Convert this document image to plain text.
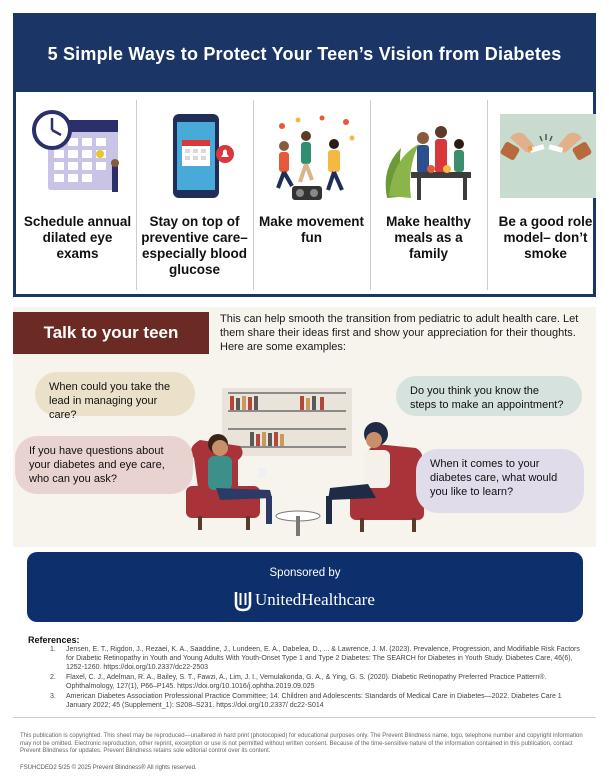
5 Simple Ways to Protect Your Teen’s Vision from Diabetes
Schedule annual dilated eye exams
Stay on top of preventive care– especially blood glucose
Make movement fun
Make healthy meals as a family
Be a good role model– don’t smoke
Talk to your teen
This can help smooth the transition from pediatric to adult health care. Let them share their ideas first and show your appreciation for their thoughts. Here are some examples:
When could you take the lead in managing your care?
Do you think you know the steps to make an appointment?
If you have questions about your diabetes and eye care, who can you ask?
When it comes to your diabetes care, what would you like to learn?
Sponsored by
UnitedHealthcare
References:
1. Jensen, E. T., Rigdon, J., Rezaei, K. A., Saaddine, J., Lundeen, E. A., Dabelea, D., ... & Lawrence, J. M. (2023). Prevalence, Progression, and Modifiable Risk Factors for Diabetic Retinopathy in Youth and Young Adults With Youth-Onset Type 1 and Type 2 Diabetes: The SEARCH for Diabetes in Youth Study. Diabetes Care, 46(6), 1252-1260. https://doi.org/10.2337/dc22-2503
2. Flaxel, C. J., Adelman, R. A., Bailey, S. T., Fawzi, A., Lim, J. I., Vemulakonda, G. A., & Ying, G. S. (2020). Diabetic Retinopathy Preferred Practice Pattern®. Ophthalmology, 127(1), P66–P145. https://doi.org/10.1016/j.ophtha.2019.09.025
3. American Diabetes Association Professional Practice Committee; 14. Children and Adolescents: Standards of Medical Care in Diabetes—2022. Diabetes Care 1 January 2022; 45 (Supplement_1): S208–S231. https://doi.org/10.2337/ dc22-S014
This publication is copyrighted. This sheet may be reproduced—unaltered in hard print (photocopied) for educational purposes only. The Prevent Blindness name, logo, telephone number and copyright information may not be omitted. Electronic reproduction, other reprint, excerption or use is not permitted without written consent. Because of the time-sensitive nature of the information contained in this publication, contact Prevent Blindness for updates. Prevent Blindness retains sole editorial control over its content.
FSUHCDED2 5/25 © 2025 Prevent Blindness® All rights reserved.
